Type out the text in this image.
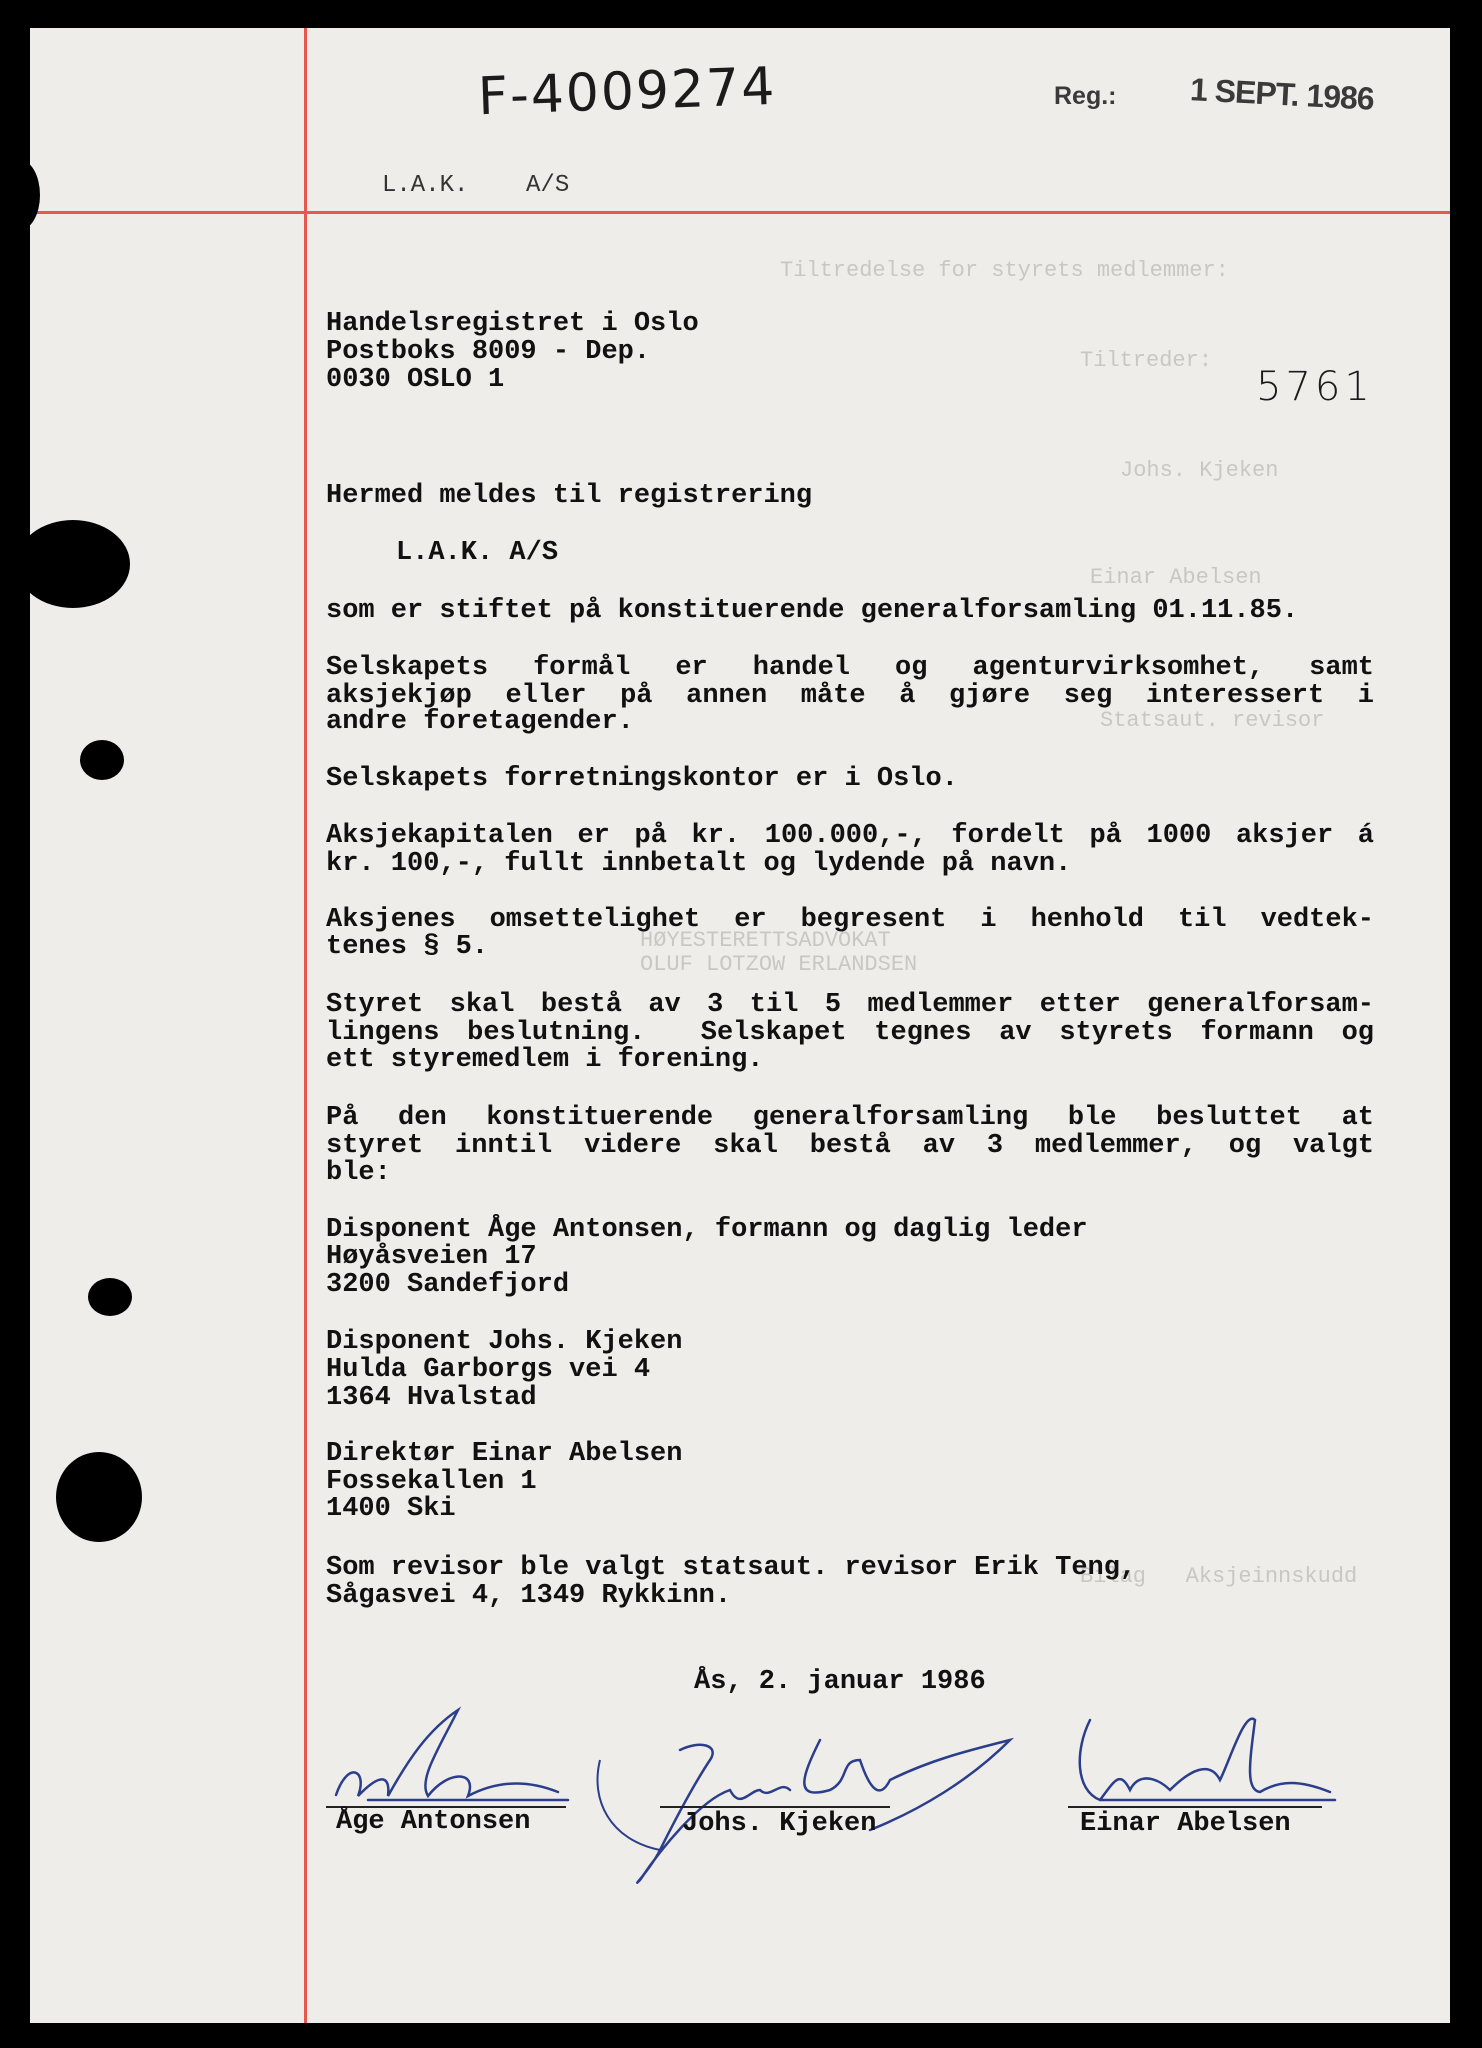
Tiltredelse for styrets medlemmer:
Tiltreder:
Johs. Kjeken
Einar Abelsen
Statsaut. revisor
HØYESTERETTSADVOKAT
OLUF LOTZOW ERLANDSEN
Bilag   Aksjeinnskudd
F-4009274	Reg.: 1 SEPT. 1986
L.A.K.    A/S
Handelsregistret i Oslo
Postboks 8009 - Dep.
0030 OSLO 1	5761
Hermed meldes til registrering
L.A.K. A/S
som er stiftet på konstituerende generalforsamling 01.11.85.
Selskapets formål er handel og agenturvirksomhet, samt
aksjekjøp eller på annen måte å gjøre seg interessert i
andre foretagender.
Selskapets forretningskontor er i Oslo.
Aksjekapitalen er på kr. 100.000,-, fordelt på 1000 aksjer á
kr. 100,-, fullt innbetalt og lydende på navn.
Aksjenes omsettelighet er begresent i henhold til vedtek-
tenes § 5.
Styret skal bestå av 3 til 5 medlemmer etter generalforsam-
lingens beslutning.  Selskapet tegnes av styrets formann og
ett styremedlem i forening.
På den konstituerende generalforsamling ble besluttet at
styret inntil videre skal bestå av 3 medlemmer, og valgt
ble:
Disponent Åge Antonsen, formann og daglig leder
Høyåsveien 17
3200 Sandefjord
Disponent Johs. Kjeken
Hulda Garborgs vei 4
1364 Hvalstad
Direktør Einar Abelsen
Fossekallen 1
1400 Ski
Som revisor ble valgt statsaut. revisor Erik Teng,
Sågasvei 4, 1349 Rykkinn.
Ås, 2. januar 1986
Åge Antonsen	Johs. Kjeken	Einar Abelsen
